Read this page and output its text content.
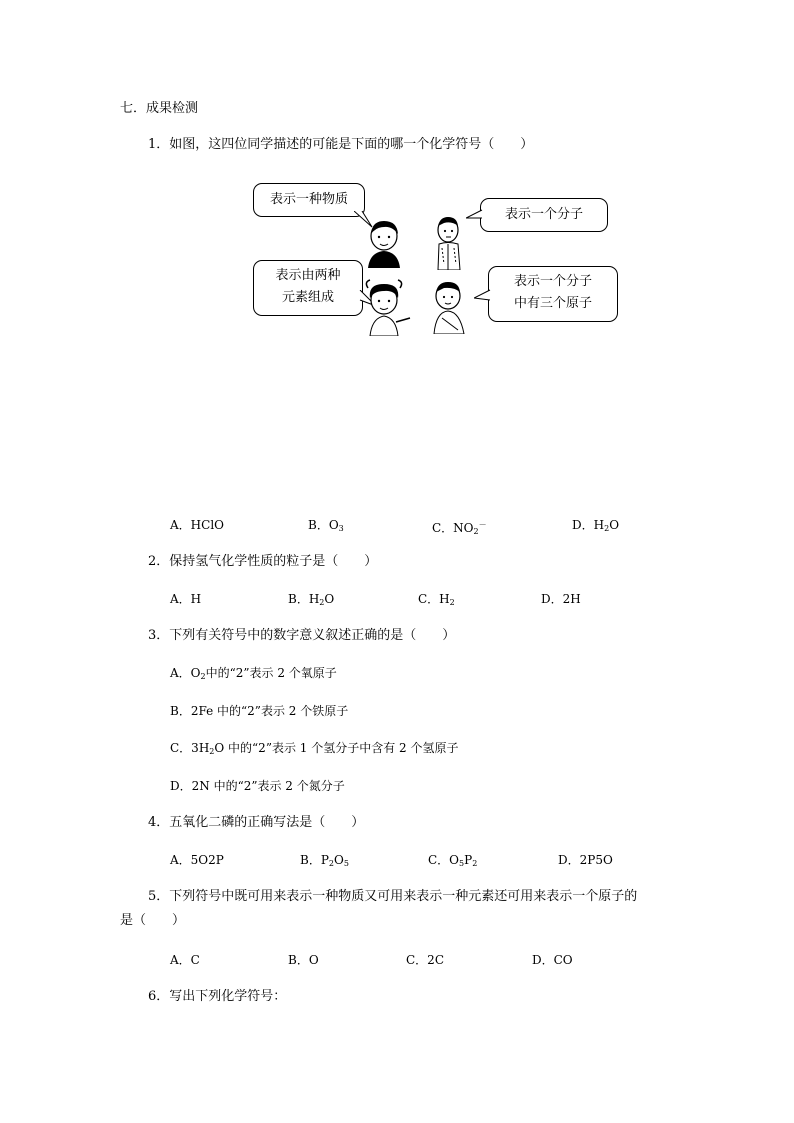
七．成果检测
1．如图，这四位同学描述的可能是下面的哪一个化学符号（　　）
表示一种物质
表示一个分子
表示由两种
元素组成
表示一个分子
中有三个原子
A．HClO	B．$O_3$	C．$NO_2^-$	D．$H_2O$
2．保持氢气化学性质的粒子是（　　）
A．H	B．$H_2O$	C．$H_2$	D．2H
3．下列有关符号中的数字意义叙述正确的是（　　）
A．$O_2$中的“2”表示 2 个氧原子
B．2Fe 中的“2”表示 2 个铁原子
C．$3H_2O$ 中的“2”表示 1 个氢分子中含有 2 个氢原子
D．2N 中的“2”表示 2 个氮分子
4．五氧化二磷的正确写法是（　　）
A．5O2P	B．$P_2O_5$	C．$O_5P_2$	D．2P5O
5．下列符号中既可用来表示一种物质又可用来表示一种元素还可用来表示一个原子的
是（　　）
A．C	B．O	C．2C	D．CO
6．写出下列化学符号：
